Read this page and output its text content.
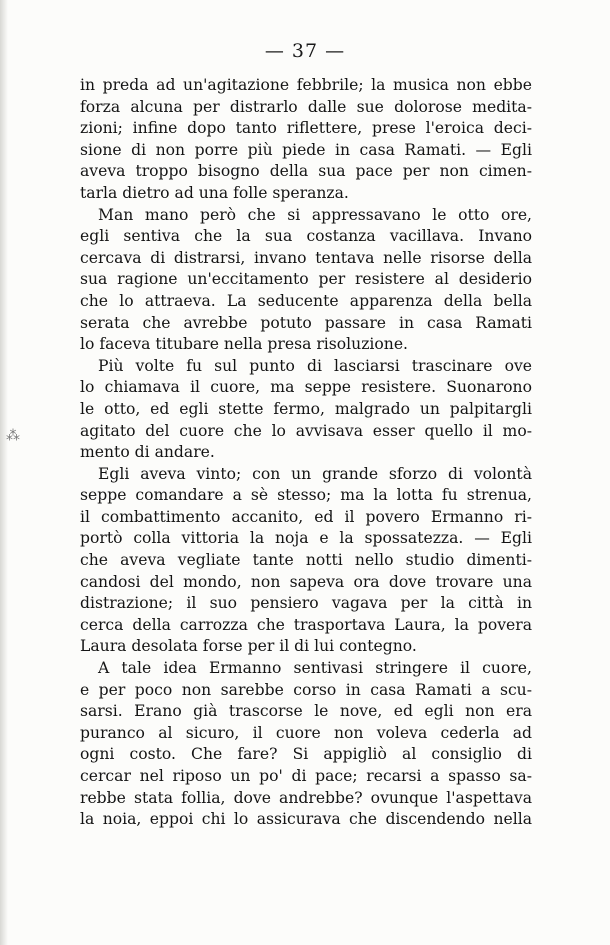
— 37 —
in preda ad un'agitazione febbrile; la musica non ebbe
forza alcuna per distrarlo dalle sue dolorose medita-
zioni; infine dopo tanto riflettere, prese l'eroica deci-
sione di non porre più piede in casa Ramati. — Egli
aveva troppo bisogno della sua pace per non cimen-
tarla dietro ad una folle speranza.
Man mano però che si appressavano le otto ore,
egli sentiva che la sua costanza vacillava. Invano
cercava di distrarsi, invano tentava nelle risorse della
sua ragione un'eccitamento per resistere al desiderio
che lo attraeva. La seducente apparenza della bella
serata che avrebbe potuto passare in casa Ramati
lo faceva titubare nella presa risoluzione.
Più volte fu sul punto di lasciarsi trascinare ove
lo chiamava il cuore, ma seppe resistere. Suonarono
le otto, ed egli stette fermo, malgrado un palpitargli
agitato del cuore che lo avvisava esser quello il mo-
mento di andare.
Egli aveva vinto; con un grande sforzo di volontà
seppe comandare a sè stesso; ma la lotta fu strenua,
il combattimento accanito, ed il povero Ermanno ri-
portò colla vittoria la noja e la spossatezza. — Egli
che aveva vegliate tante notti nello studio dimenti-
candosi del mondo, non sapeva ora dove trovare una
distrazione; il suo pensiero vagava per la città in
cerca della carrozza che trasportava Laura, la povera
Laura desolata forse per il di lui contegno.
A tale idea Ermanno sentivasi stringere il cuore,
e per poco non sarebbe corso in casa Ramati a scu-
sarsi. Erano già trascorse le nove, ed egli non era
puranco al sicuro, il cuore non voleva cederla ad
ogni costo. Che fare? Si appigliò al consiglio di
cercar nel riposo un po' di pace; recarsi a spasso sa-
rebbe stata follia, dove andrebbe? ovunque l'aspettava
la noia, eppoi chi lo assicurava che discendendo nella
⁂
